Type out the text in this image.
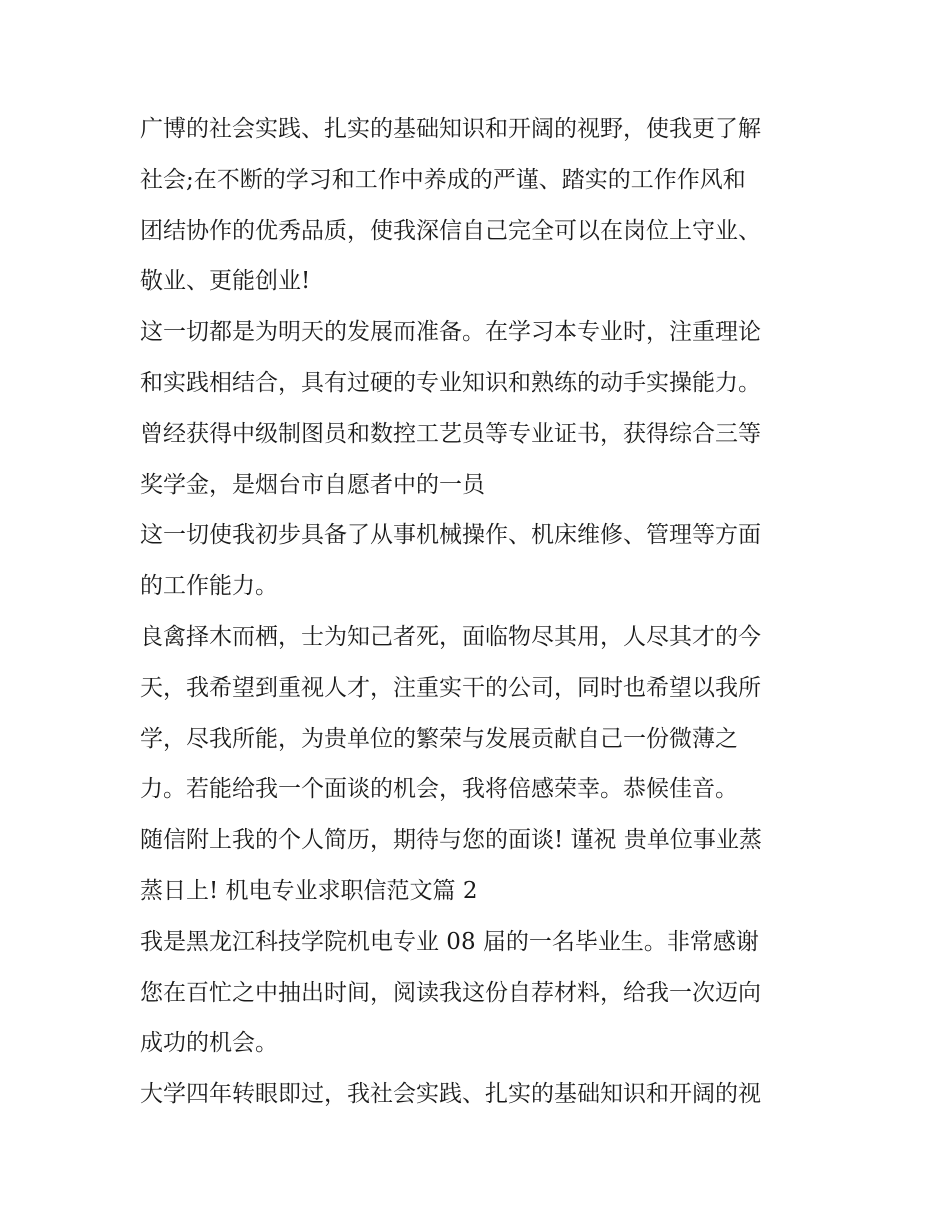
广博的社会实践、扎实的基础知识和开阔的视野，使我更了解
社会;在不断的学习和工作中养成的严谨、踏实的工作作风和
团结协作的优秀品质，使我深信自己完全可以在岗位上守业、
敬业、更能创业!
这一切都是为明天的发展而准备。在学习本专业时，注重理论
和实践相结合，具有过硬的专业知识和熟练的动手实操能力。
曾经获得中级制图员和数控工艺员等专业证书，获得综合三等
奖学金，是烟台市自愿者中的一员
这一切使我初步具备了从事机械操作、机床维修、管理等方面
的工作能力。
良禽择木而栖，士为知己者死，面临物尽其用，人尽其才的今
天，我希望到重视人才，注重实干的公司，同时也希望以我所
学，尽我所能，为贵单位的繁荣与发展贡献自己一份微薄之
力。若能给我一个面谈的机会，我将倍感荣幸。恭候佳音。
随信附上我的个人简历，期待与您的面谈! 谨祝 贵单位事业蒸
蒸日上! 机电专业求职信范文篇 2
我是黑龙江科技学院机电专业 08 届的一名毕业生。非常感谢
您在百忙之中抽出时间，阅读我这份自荐材料，给我一次迈向
成功的机会。
大学四年转眼即过，我社会实践、扎实的基础知识和开阔的视
